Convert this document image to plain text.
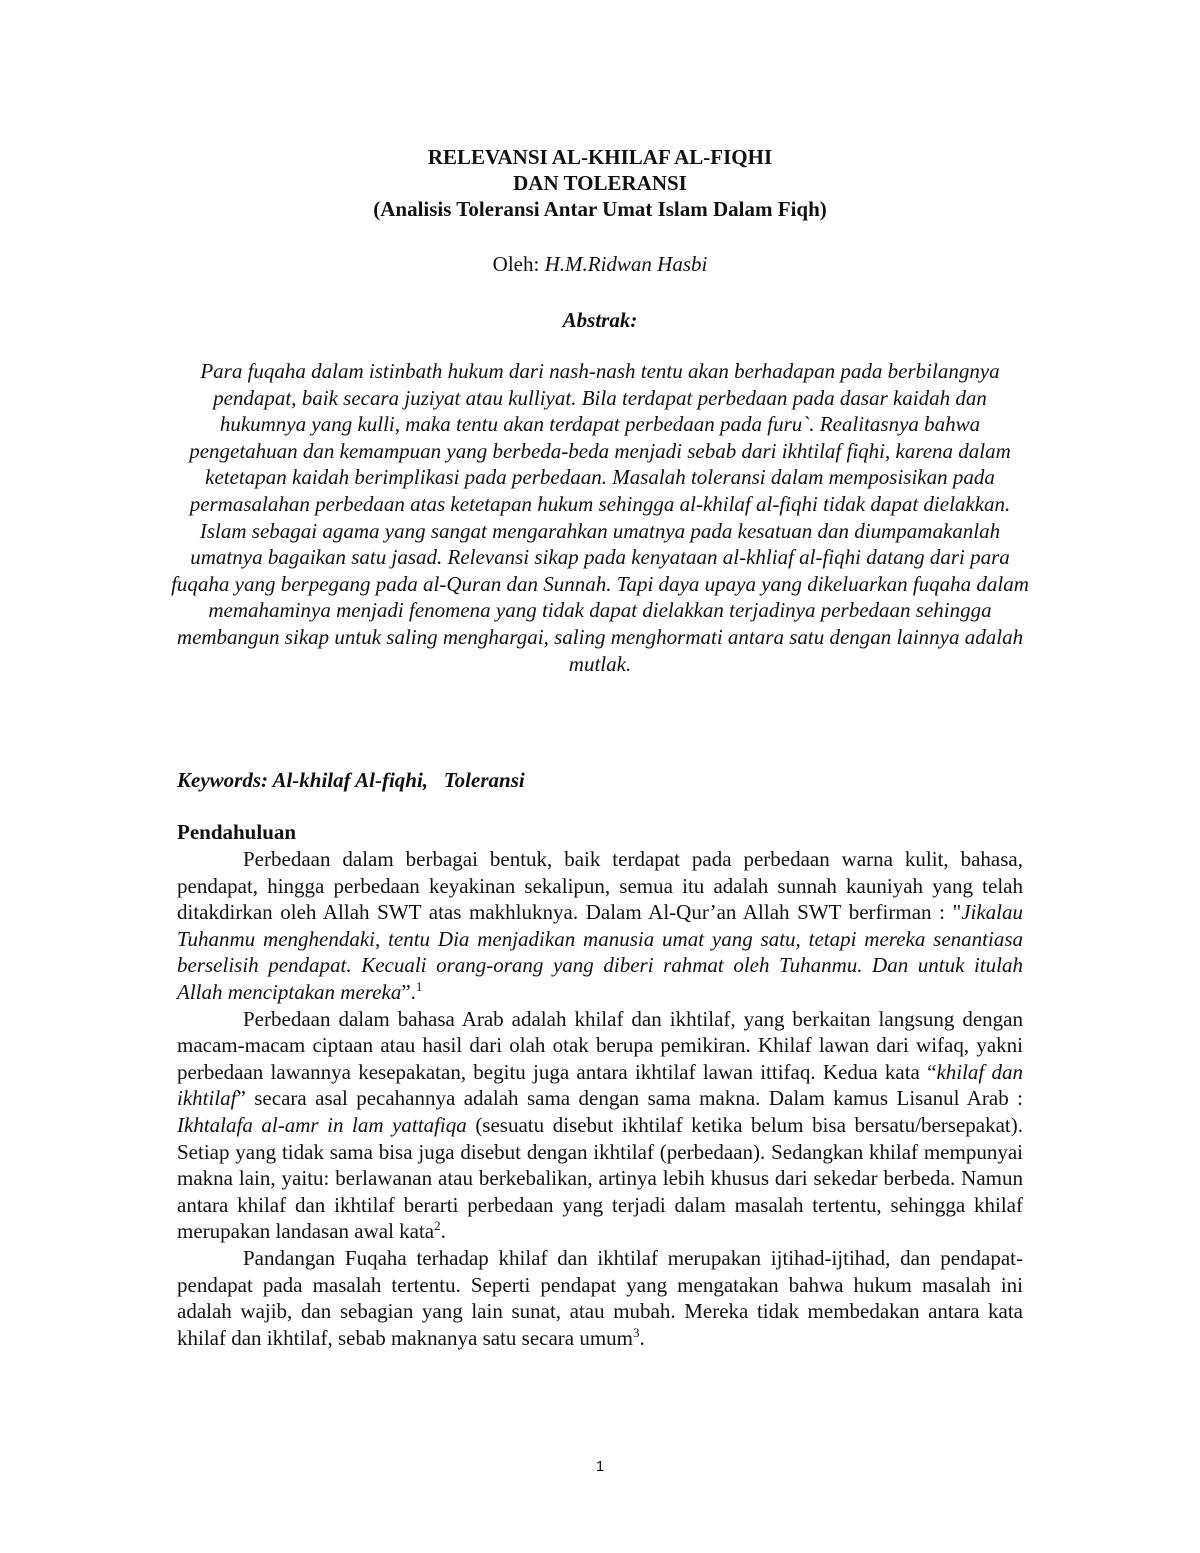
RELEVANSI AL-KHILAF AL-FIQHI
DAN TOLERANSI
(Analisis Toleransi Antar Umat Islam Dalam Fiqh)
Oleh: H.M.Ridwan Hasbi
Abstrak:
Para fuqaha dalam istinbath hukum dari nash-nash tentu akan berhadapan pada berbilangnya pendapat, baik secara juziyat atau kulliyat. Bila terdapat perbedaan pada dasar kaidah dan hukumnya yang kulli, maka tentu akan terdapat perbedaan pada furu`. Realitasnya bahwa pengetahuan dan kemampuan yang berbeda-beda menjadi sebab dari ikhtilaf fiqhi, karena dalam ketetapan kaidah berimplikasi pada perbedaan. Masalah toleransi dalam memposisikan pada permasalahan perbedaan atas ketetapan hukum sehingga al-khilaf al-fiqhi tidak dapat dielakkan. Islam sebagai agama yang sangat mengarahkan umatnya pada kesatuan dan diumpamakanlah umatnya bagaikan satu jasad. Relevansi sikap pada kenyataan al-khliaf al-fiqhi datang dari para fuqaha yang berpegang pada al-Quran dan Sunnah. Tapi daya upaya yang dikeluarkan fuqaha dalam memahaminya menjadi fenomena yang tidak dapat dielakkan terjadinya perbedaan sehingga membangun sikap untuk saling menghargai, saling menghormati antara satu dengan lainnya adalah mutlak.
Keywords: Al-khilaf Al-fiqhi,   Toleransi
Pendahuluan

Perbedaan dalam berbagai bentuk, baik terdapat pada perbedaan warna kulit, bahasa, pendapat, hingga perbedaan keyakinan sekalipun, semua itu adalah sunnah kauniyah yang telah ditakdirkan oleh Allah SWT atas makhluknya. Dalam Al-Qur’an Allah SWT berfirman : "Jikalau Tuhanmu menghendaki, tentu Dia menjadikan manusia umat yang satu, tetapi mereka senantiasa berselisih pendapat. Kecuali orang-orang yang diberi rahmat oleh Tuhanmu. Dan untuk itulah Allah menciptakan mereka”.$^1$

Perbedaan dalam bahasa Arab adalah khilaf dan ikhtilaf, yang berkaitan langsung dengan macam-macam ciptaan atau hasil dari olah otak berupa pemikiran. Khilaf lawan dari wifaq, yakni perbedaan lawannya kesepakatan, begitu juga antara ikhtilaf lawan ittifaq. Kedua kata “khilaf dan ikhtilaf” secara asal pecahannya adalah sama dengan sama makna. Dalam kamus Lisanul Arab : Ikhtalafa al-amr in lam yattafiqa (sesuatu disebut ikhtilaf ketika belum bisa bersatu/bersepakat). Setiap yang tidak sama bisa juga disebut dengan ikhtilaf (perbedaan). Sedangkan khilaf mempunyai makna lain, yaitu: berlawanan atau berkebalikan, artinya lebih khusus dari sekedar berbeda. Namun antara khilaf dan ikhtilaf berarti perbedaan yang terjadi dalam masalah tertentu, sehingga khilaf merupakan landasan awal kata$^2$.

Pandangan Fuqaha terhadap khilaf dan ikhtilaf merupakan ijtihad-ijtihad, dan pendapat-pendapat pada masalah tertentu. Seperti pendapat yang mengatakan bahwa hukum masalah ini adalah wajib, dan sebagian yang lain sunat, atau mubah. Mereka tidak membedakan antara kata khilaf dan ikhtilaf, sebab maknanya satu secara umum$^3$.

1
